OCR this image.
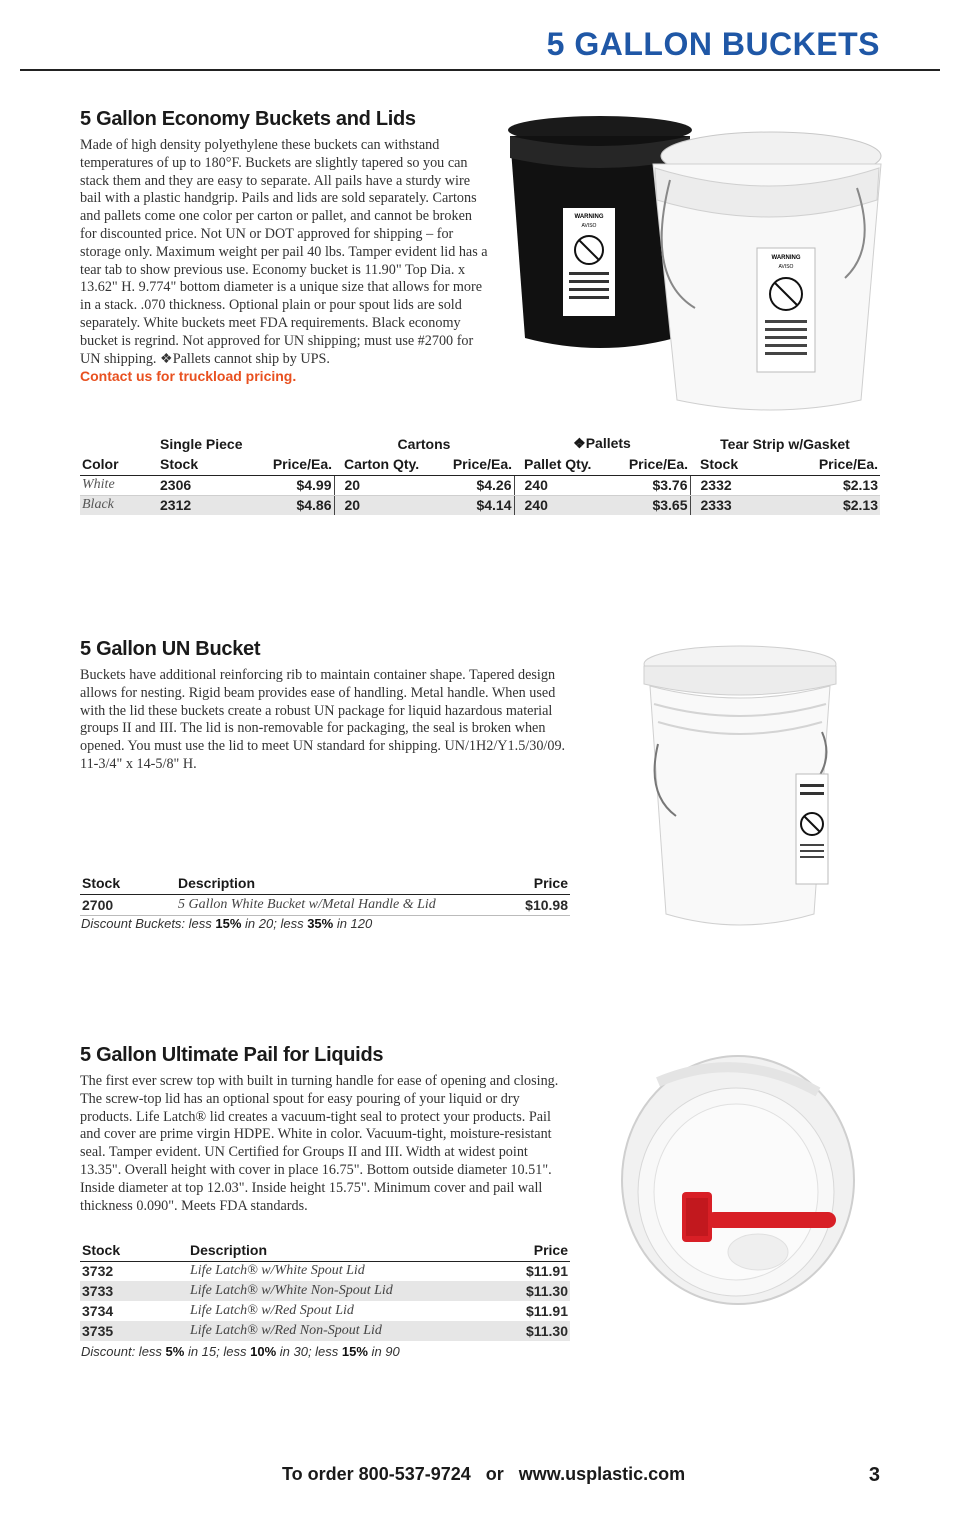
5 GALLON BUCKETS
5 Gallon Economy Buckets and Lids
Made of high density polyethylene these buckets can withstand temperatures of up to 180°F. Buckets are slightly tapered so you can stack them and they are easy to separate. All pails have a sturdy wire bail with a plastic handgrip. Pails and lids are sold separately. Cartons and pallets come one color per carton or pallet, and cannot be broken for discounted price. Not UN or DOT approved for shipping – for storage only. Maximum weight per pail 40 lbs. Tamper evident lid has a tear tab to show previous use. Economy bucket is 11.90" Top Dia. x 13.62" H. 9.774" bottom diameter is a unique size that allows for more in a stack. .070 thickness. Optional plain or pour spout lids are sold separately. White buckets meet FDA requirements. Black economy bucket is regrind. Not approved for UN shipping; must use #2700 for UN shipping. ❖Pallets cannot ship by UPS.
Contact us for truckload pricing.
WARNING
AVISO
WARNING
AVISO
	Single Piece		Cartons		❖Pallets		Tear Strip w/Gasket	
Color	Stock	Price/Ea.	Carton Qty.	Price/Ea.	Pallet Qty.	Price/Ea.	Stock	Price/Ea.
White	2306	$4.99	20	$4.26	240	$3.76	2332	$2.13
Black	2312	$4.86	20	$4.14	240	$3.65	2333	$2.13
5 Gallon UN Bucket
Buckets have additional reinforcing rib to maintain container shape. Tapered design allows for nesting. Rigid beam provides ease of handling. Metal handle. When used with the lid these buckets create a robust UN package for liquid hazardous material groups II and III. The lid is non-removable for packaging, the seal is broken when opened. You must use the lid to meet UN standard for shipping. UN/1H2/Y1.5/30/09. 11-3/4" x 14-5/8" H.
Stock	Description	Price
2700	5 Gallon White Bucket w/Metal Handle & Lid	$10.98
Discount Buckets: less 15% in 20; less 35% in 120
5 Gallon Ultimate Pail for Liquids
The first ever screw top with built in turning handle for ease of opening and closing. The screw-top lid has an optional spout for easy pouring of your liquid or dry products. Life Latch® lid creates a vacuum-tight seal to protect your products. Pail and cover are prime virgin HDPE. White in color. Vacuum-tight, moisture-resistant seal. Tamper evident. UN Certified for Groups II and III. Width at widest point 13.35". Overall height with cover in place 16.75". Bottom outside diameter 10.51". Inside diameter at top 12.03". Inside height 15.75". Minimum cover and pail wall thickness 0.090". Meets FDA standards.
Stock	Description	Price
3732	Life Latch® w/White Spout Lid	$11.91
3733	Life Latch® w/White Non-Spout Lid	$11.30
3734	Life Latch® w/Red Spout Lid	$11.91
3735	Life Latch® w/Red Non-Spout Lid	$11.30
Discount: less 5% in 15; less 10% in 30; less 15% in 90
To order 800-537-9724 or www.usplastic.com	3
